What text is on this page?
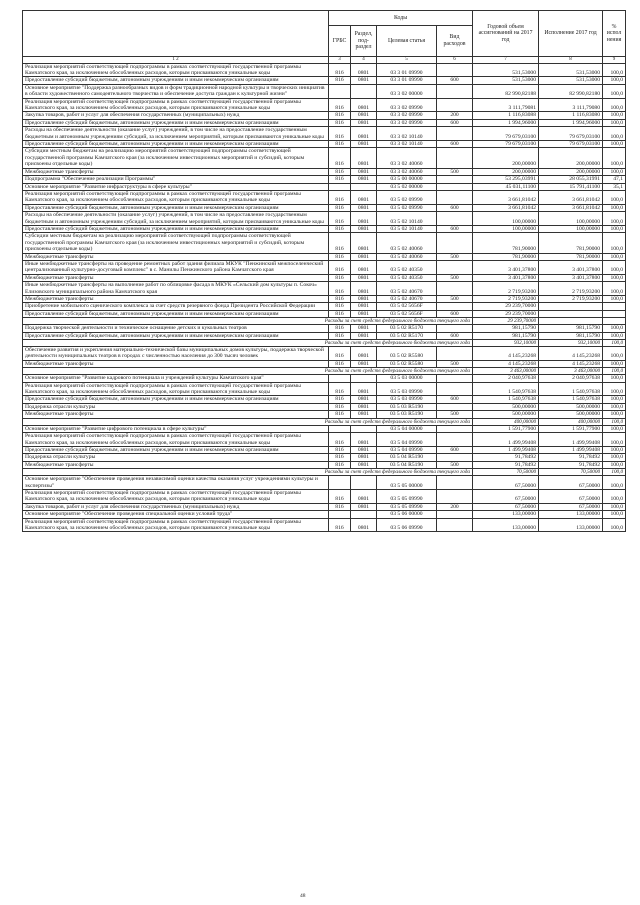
	Коды				Годовой объем ассигнований на 2017 год	Исполнение 2017 год	% испол нения
	ГРБС	Раздел, под-раздел	Целевая статья	Вид расходов			
1 2	3	4	5	6	7	8	9
Реализация мероприятий соответствующей подпрограммы в рамках соответствующей государственной программы Камчатского края, за исключением обособленных расходов, которым присваиваются уникальные коды	816	0801	03 3 01 09990		531,53000	531,53000	100,0
Предоставление субсидий бюджетным, автономным учреждениям и иным некоммерческим организациям	816	0801	03 3 01 09990	600	531,53000	531,53000	100,0
Основное мероприятие "Поддержка разнообразных видов и форм традиционной народной культуры и творческих инициатив в области художественного самодеятельного творчества и обеспечение доступа граждан к культурной жизни"			03 3 02 00000		82 990,82188	82 990,82180	100,0
Реализация мероприятий соответствующей подпрограммы в рамках соответствующей государственной программы Камчатского края, за исключением обособленных расходов, которым присваиваются уникальные коды	816	0801	03 3 02 09990		3 111,79081	3 111,79080	100,0
Закупка товаров, работ и услуг для обеспечения государственных (муниципальных) нужд	816	0801	03 3 02 09990	200	1 116,83088	1 116,83080	100,0
Предоставление субсидий бюджетным, автономным учреждениям и иным некоммерческим организациям	816	0801	03 3 02 09990	600	1 994,96000	1 994,96000	100,0
Расходы на обеспечение деятельности (оказание услуг) учреждений, в том числе на предоставление государственным бюджетным и автономным учреждениям субсидий, за исключением мероприятий, которым присваиваются уникальные коды	816	0801	03 3 02 10140		79 679,03100	79 679,03100	100,0
Предоставление субсидий бюджетным, автономным учреждениям и иным некоммерческим организациям	816	0801	03 3 02 10140	600	79 679,03100	79 679,03100	100,0
Субсидии местным бюджетам на реализацию мероприятий соответствующей подпрограммы соответствующей государственной программы Камчатского края (за исключением инвестиционных мероприятий и субсидий, которым присвоены отдельные коды)	816	0801	03 3 02 40060		200,00000	200,00000	100,0
Межбюджетные трансферты	816	0801	03 3 02 40060	500	200,00000	200,00000	100,0
Подпрограмма "Обеспечение реализации Программы"	816	0801	03 5 00 00000		53 295,03991	28 055,31991	47,1
Основное мероприятие "Развитие инфраструктуры в сфере культуры"			03 5 02 00000		45 031,11100	15 791,41100	35,1
Реализация мероприятий соответствующей подпрограммы в рамках соответствующей государственной программы Камчатского края, за исключением обособленных расходов, которым присваиваются уникальные коды	816	0801	03 5 02 09990		3 661,81042	3 661,81042	100,0
Предоставление субсидий бюджетным, автономным учреждениям и иным некоммерческим организациям	816	0801	03 5 02 09990	600	3 661,81042	3 661,81042	100,0
Расходы на обеспечение деятельности (оказание услуг) учреждений, в том числе на предоставление государственным бюджетным и автономным учреждениям субсидий, за исключением мероприятий, которым присваиваются уникальные коды	816	0801	03 5 02 10140		100,00000	100,00000	100,0
Предоставление субсидий бюджетным, автономным учреждениям и иным некоммерческим организациям	816	0801	03 5 02 10140	600	100,00000	100,00000	100,0
Субсидии местным бюджетам на реализацию мероприятий соответствующей подпрограммы соответствующей государственной программы Камчатского края (за исключением инвестиционных мероприятий и субсидий, которым присвоены отдельные коды)	816	0801	03 5 02 40060		781,90000	781,90000	100,0
Межбюджетные трансферты	816	0801	03 5 02 40060	500	781,90000	781,90000	100,0
Иные межбюджетные трансферты на проведение ремонтных работ здания филиала МКУК "Пенжинский межпоселенческий централизованный культурно-досуговый комплекс" в с. Манилы Пенжинского района Камчатского края	816	0801	03 5 02 40350		3 401,37800	3 401,37800	100,0
Межбюджетные трансферты	816	0801	03 5 02 40350	500	3 401,37800	3 401,37800	100,0
Иные межбюджетные трансферты на выполнение работ по облицовке фасада в МКУК «Сельский дом культуры п. Сокоч» Елизовского муниципального района Камчатского края	816	0801	03 5 02 40670		2 719,93200	2 719,93200	100,0
Межбюджетные трансферты	816	0801	03 5 02 40670	500	2 719,93200	2 719,93200	100,0
Приобретение мобильного сценического комплекса за счет средств резервного фонда Президента Российской Федерации	816	0801	03 5 02 5656F		29 239,70000		
Предоставление субсидий бюджетным, автономным учреждениям и иным некоммерческим организациям	816	0801	03 5 02 5656F	600	29 239,70000		
Расходы за счет средств федерального бюджета текущего года					29 239,70000		
Поддержка творческой деятельности и техническое оснащение детских и кукольных театров	816	0801	03 5 02 R5170		981,15790	981,15790	100,0
Предоставление субсидий бюджетным, автономным учреждениям и иным некоммерческим организациям	816	0801	03 5 02 R5170	600	981,15790	981,15790	100,0
Расходы за счет средств федерального бюджета текущего года					932,10000	932,10000	100,0
Обеспечение развития и укрепления материально-технической базы муниципальных домов культуры, поддержка творческой деятельности муниципальных театров в городах с численностью населения до 300 тысяч человек	816	0801	03 5 02 R5580		4 145,23268	4 145,23268	100,0
Межбюджетные трансферты	816	0801	03 5 02 R5580	500	4 145,23268	4 145,23268	100,0
Расходы за счет средств федерального бюджета текущего года					3 463,00000	3 463,00000	100,0
Основное мероприятие "Развитие кадрового потенциала и учреждений культуры Камчатского края"			03 5 03 00000		2 040,97638	2 040,97638	100,0
Реализация мероприятий соответствующей подпрограммы в рамках соответствующей государственной программы Камчатского края, за исключением обособленных расходов, которым присваиваются уникальные коды	816	0801	03 5 03 09990		1 540,97638	1 540,97638	100,0
Предоставление субсидий бюджетным, автономным учреждениям и иным некоммерческим организациям	816	0801	03 5 03 09990	600	1 540,97638	1 540,97638	100,0
Поддержка отрасли культуры	816	0801	03 5 03 R5190		500,00000	500,00000	100,0
Межбюджетные трансферты	816	0801	03 5 03 R5190	500	500,00000	500,00000	100,0
Расходы за счет средств федерального бюджета текущего года					400,00000	400,00000	100,0
Основное мероприятие "Развитие цифрового потенциала в сфере культуры"			03 5 04 00000		1 591,77900	1 591,77900	100,0
Реализация мероприятий соответствующей подпрограммы в рамках соответствующей государственной программы Камчатского края, за исключением обособленных расходов, которым присваиваются уникальные коды	816	0801	03 5 04 09990		1 499,99408	1 499,99408	100,0
Предоставление субсидий бюджетным, автономным учреждениям и иным некоммерческим организациям	816	0801	03 5 04 09990	600	1 499,99408	1 499,99408	100,0
Поддержка отрасли культуры	816	0801	03 5 04 R5190		91,78492	91,78492	100,0
Межбюджетные трансферты	816	0801	03 5 04 R5190	500	91,78492	91,78492	100,0
Расходы за счет средств федерального бюджета текущего года					70,50000	70,50000	100,0
Основное мероприятие "Обеспечение проведения независимой оценки качества оказания услуг учреждениями культуры и экспертизы"			03 5 05 00000		67,50000	67,50000	100,0
Реализация мероприятий соответствующей подпрограммы в рамках соответствующей государственной программы Камчатского края, за исключением обособленных расходов, которым присваиваются уникальные коды	816	0801	03 5 05 09990		67,50000	67,50000	100,0
Закупка товаров, работ и услуг для обеспечения государственных (муниципальных) нужд	816	0801	03 5 05 09990	200	67,50000	67,50000	100,0
Основное мероприятие "Обеспечение проведения специальной оценки условий труда"			03 5 06 00000		133,00000	133,00000	100,0
Реализация мероприятий соответствующей подпрограммы в рамках соответствующей государственной программы Камчатского края, за исключением обособленных расходов, которым присваиваются уникальные коды	816	0801	03 5 06 09990		133,00000	133,00000	100,0
48
